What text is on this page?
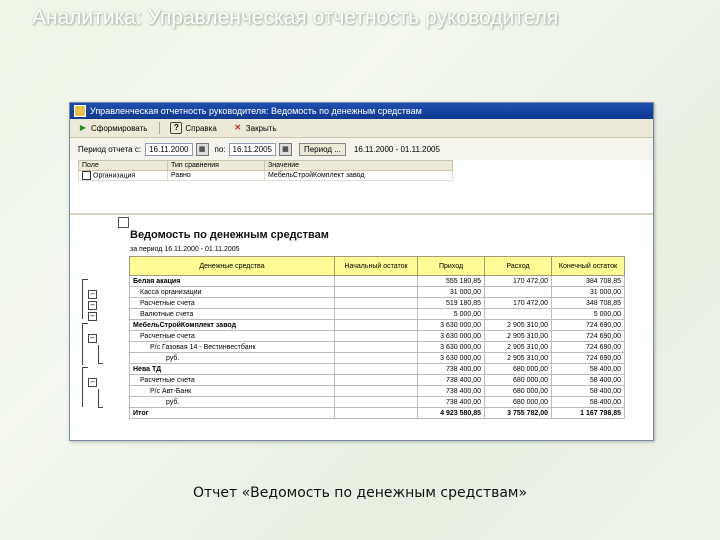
Аналитика: Управленческая отчетность руководителя
Управленческая отчетность руководителя: Ведомость по денежным средствам
▶ Сформировать	? Справка ✕ Закрыть
Период отчета с:	16.11.2000	▦	по: 16.11.2005	▦	Период ...	16.11.2000 - 01.11.2005
Поле	Тип сравнения	Значение
Организация	Равно	МебельСтройКомплект завод

−
−
−
−
−
Ведомость по денежным средствам
за период 16.11.2000 - 01.11.2005
Денежные средства	Начальный остаток	Приход	Расход	Конечный остаток
Белая акация		555 180,85	170 472,00	384 708,85
Касса организации		31 000,00		31 000,00
Расчетные счета		519 180,85	170 472,00	348 708,85
Валютные счета		5 000,00		5 000,00
МебельСтройКомплект завод		3 630 000,00	2 905 310,00	724 690,00
Расчетные счета		3 630 000,00	2 905 310,00	724 690,00
Р/с Газовая 14 - Вестинвестбанк		3 630 000,00	2 905 310,00	724 690,00
руб.		3 630 000,00	2 905 310,00	724 690,00
Нева ТД		738 400,00	680 000,00	58 400,00
Расчетные счета		738 400,00	680 000,00	58 400,00
Р/с Авт-Банк		738 400,00	680 000,00	58 400,00
руб.		738 400,00	680 000,00	58 400,00
Итог		4 923 580,85	3 755 782,00	1 167 798,85
Отчет «Ведомость по денежным средствам»
